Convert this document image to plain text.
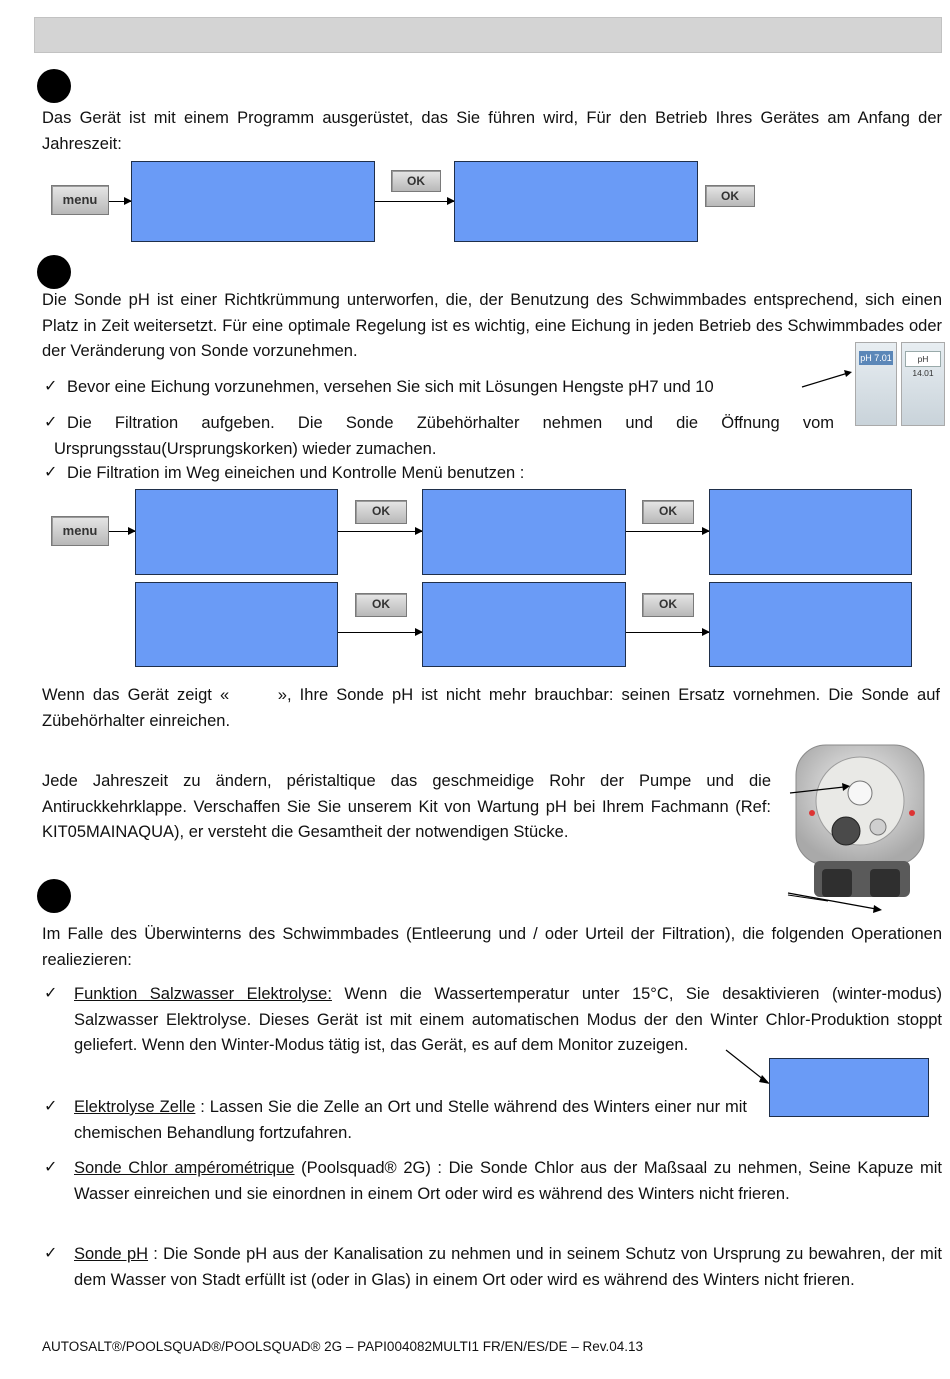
Das Gerät ist mit einem Programm ausgerüstet, das Sie führen wird, Für den Betrieb Ihres Gerätes am Anfang der Jahreszeit:
menu
OK
OK
Die Sonde pH ist einer Richtkrümmung unterworfen, die, der Benutzung des Schwimmbades entsprechend, sich einen Platz in Zeit weitersetzt. Für eine optimale Regelung ist es wichtig, eine Eichung in jeden Betrieb des Schwimmbades oder der Veränderung von Sonde vorzunehmen.
✓ Bevor eine Eichung vorzunehmen, versehen Sie sich mit Lösungen Hengste pH7 und 10
pH 7.01	pH 14.01
✓ Die Filtration aufgeben. Die Sonde Zübehörhalter nehmen und die Öffnung vom Ursprungsstau(Ursprungskorken) wieder zumachen.
✓ Die Filtration im Weg eineichen und Kontrolle Menü benutzen :
menu
OK	OK
OK	OK
Wenn das Gerät zeigt «      », Ihre Sonde pH ist nicht mehr brauchbar: seinen Ersatz vornehmen. Die Sonde auf Zübehörhalter einreichen.
Jede Jahreszeit zu ändern, péristaltique das geschmeidige Rohr der Pumpe und die Antiruckkehrklappe. Verschaffen Sie Sie unserem Kit von Wartung pH bei Ihrem Fachmann (Ref: KIT05MAINAQUA), er versteht die Gesamtheit der notwendigen Stücke.
Im Falle des Überwinterns des Schwimmbades (Entleerung und / oder Urteil der Filtration), die folgenden Operationen realiezieren:
✓ Funktion Salzwasser Elektrolyse: Wenn die Wassertemperatur unter 15°C, Sie desaktivieren (winter-modus) Salzwasser Elektrolyse. Dieses Gerät ist mit einem automatischen Modus der den Winter Chlor-Produktion stoppt geliefert. Wenn den Winter-Modus tätig ist, das Gerät, es auf dem Monitor zuzeigen.
✓ Elektrolyse Zelle : Lassen Sie die Zelle an Ort und Stelle während des Winters einer nur mit chemischen Behandlung fortzufahren.
✓ Sonde Chlor ampérométrique (Poolsquad® 2G) : Die Sonde Chlor aus der Maßsaal zu nehmen, Seine Kapuze mit Wasser einreichen und sie einordnen in einem Ort oder wird es während des Winters nicht frieren.
✓ Sonde pH : Die Sonde pH aus der Kanalisation zu nehmen und in seinem Schutz von Ursprung zu bewahren, der mit dem Wasser von Stadt erfüllt ist (oder in Glas) in einem Ort oder wird es während des Winters nicht frieren.
AUTOSALT®/POOLSQUAD®/POOLSQUAD® 2G – PAPI004082MULTI1 FR/EN/ES/DE – Rev.04.13
